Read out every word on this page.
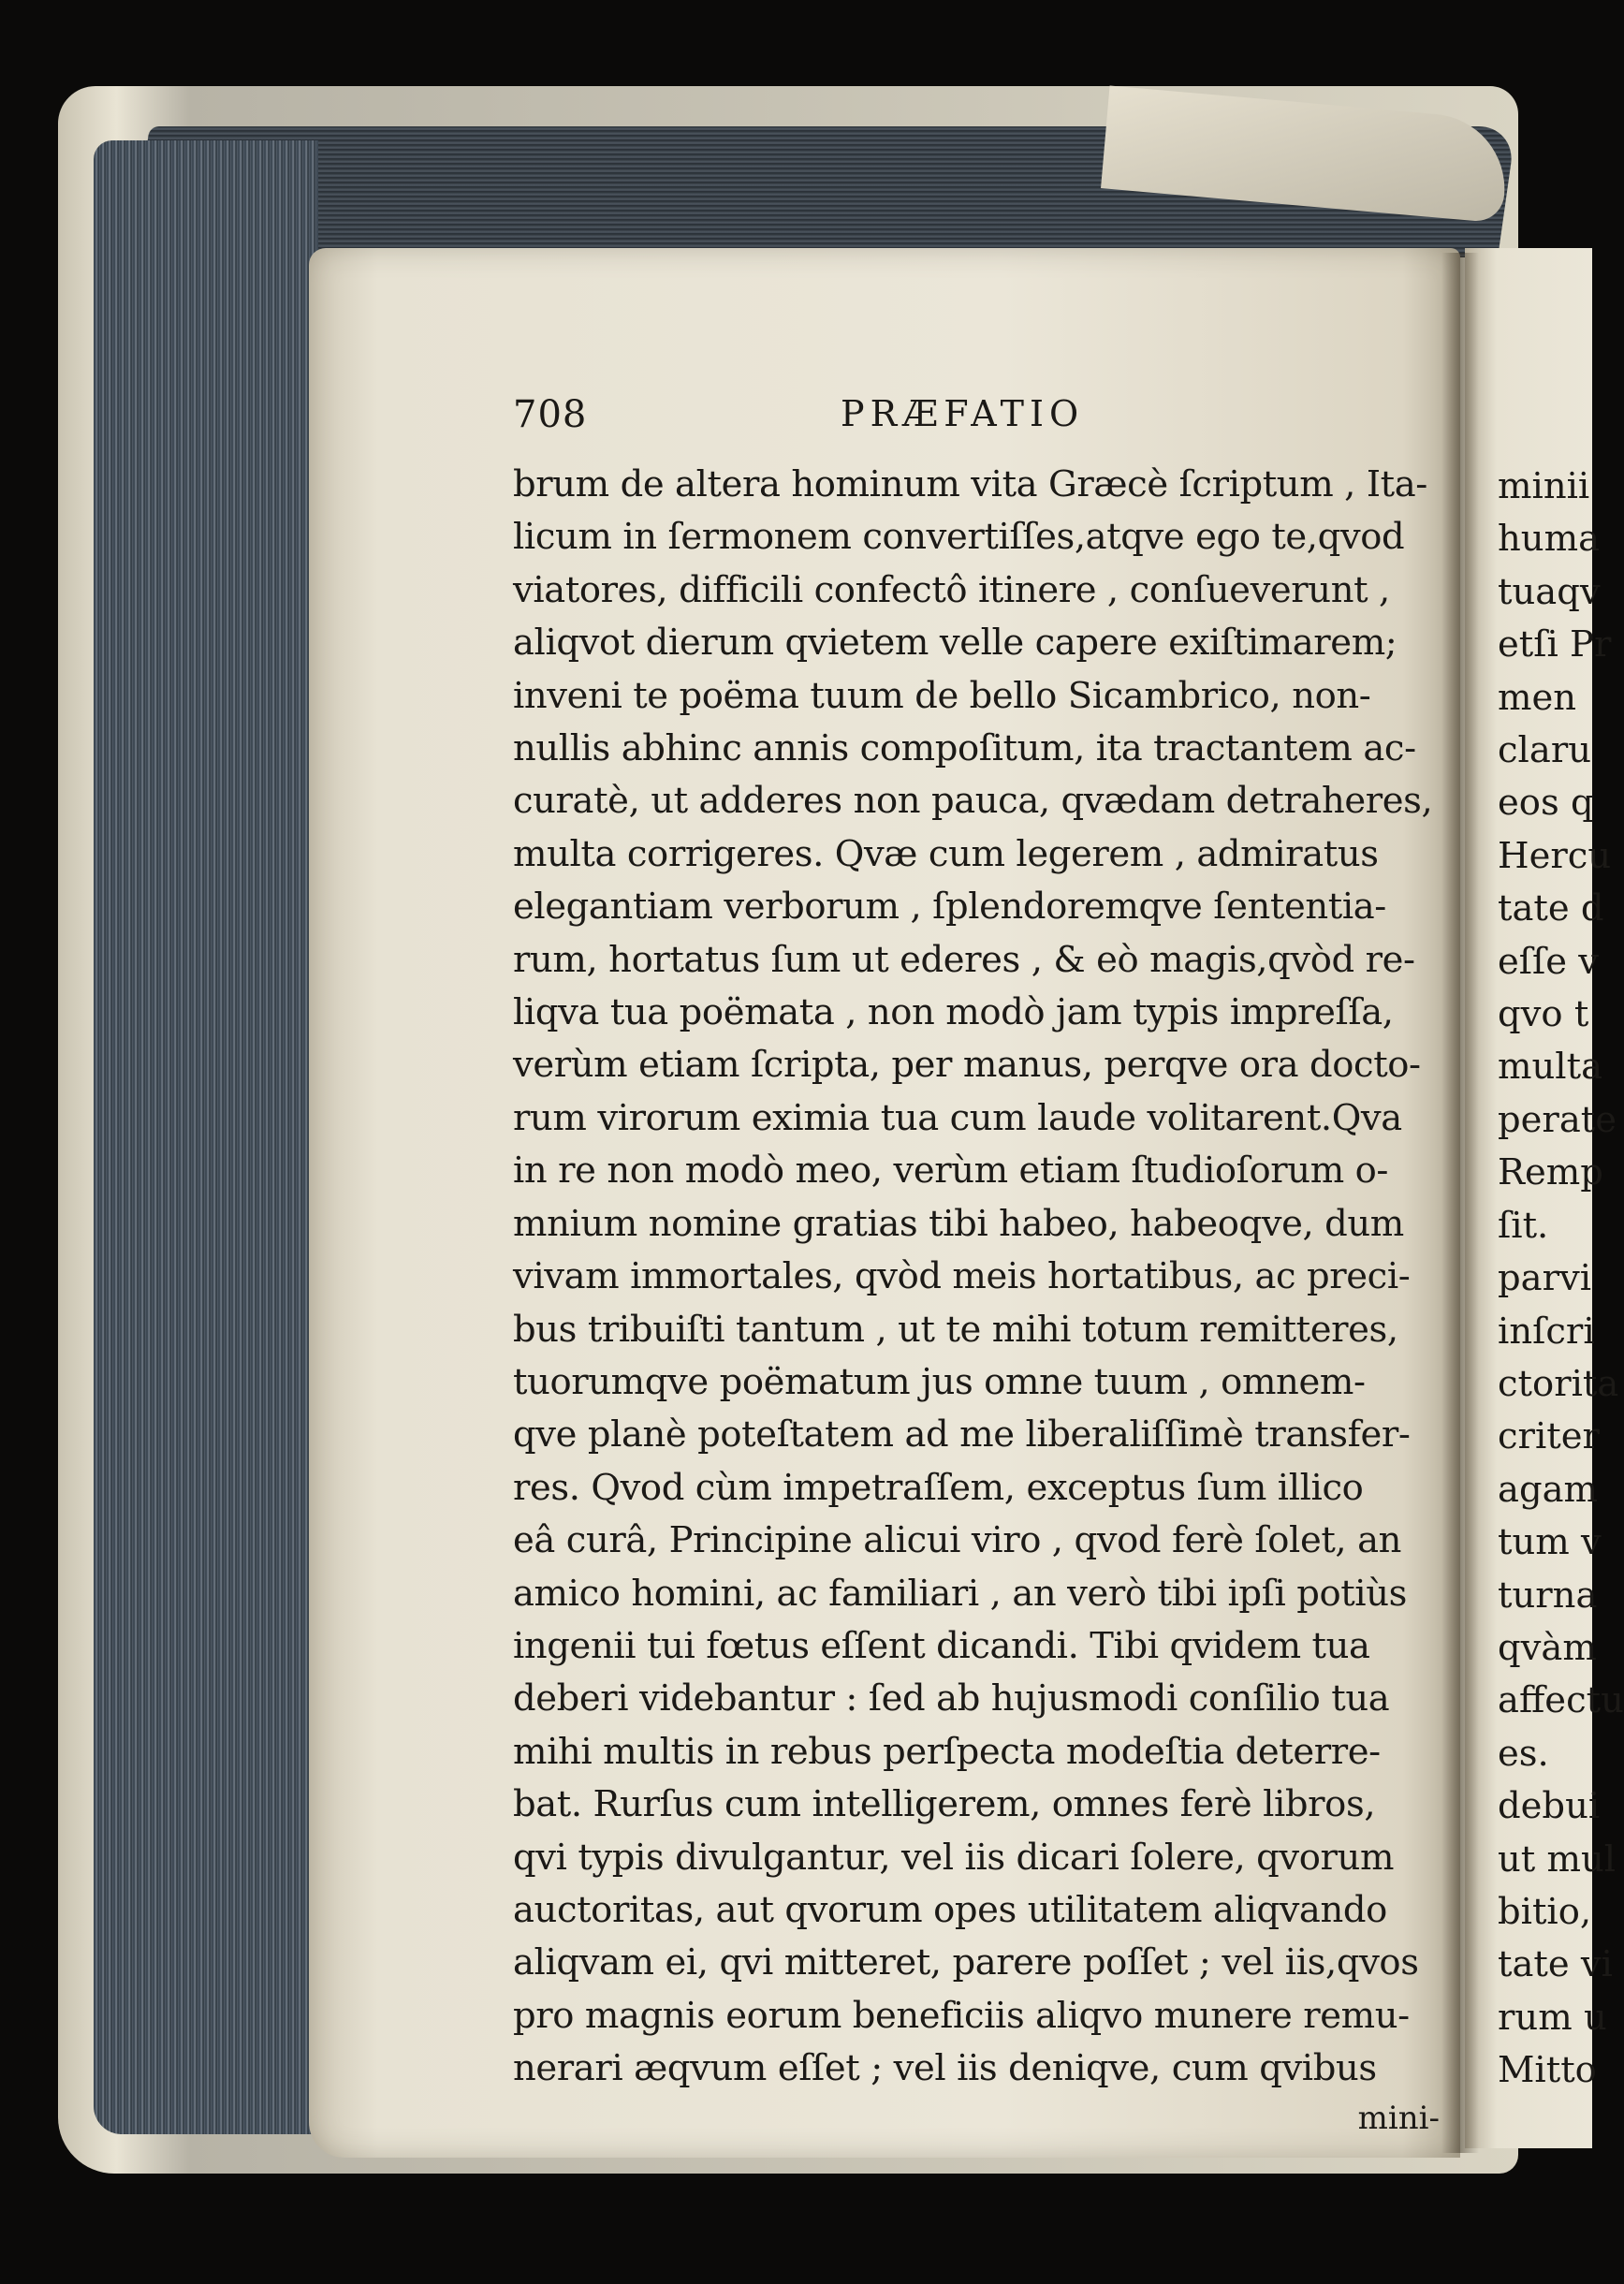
708	PRÆFATIO
brum de altera hominum vita Græcè ſcriptum , Ita-
licum in ſermonem convertiſſes,atqve ego te,qvod
viatores, difficili confectô itinere , conſueverunt ,
aliqvot dierum qvietem velle capere exiſtimarem;
inveni te poëma tuum de bello Sicambrico, non-
nullis abhinc annis compoſitum, ita tractantem ac-
curatè, ut adderes non pauca, qvædam detraheres,
multa corrigeres. Qvæ cum legerem , admiratus
elegantiam verborum , ſplendoremqve ſententia-
rum, hortatus ſum ut ederes , & eò magis,qvòd re-
liqva tua poëmata , non modò jam typis impreſſa,
verùm etiam ſcripta, per manus, perqve ora docto-
rum virorum eximia tua cum laude volitarent.Qva
in re non modò meo, verùm etiam ſtudioſorum o-
mnium nomine gratias tibi habeo, habeoqve, dum
vivam immortales, qvòd meis hortatibus, ac preci-
bus tribuiſti tantum , ut te mihi totum remitteres,
tuorumqve poëmatum jus omne tuum , omnem-
qve planè poteſtatem ad me liberaliſſimè transfer-
res. Qvod cùm impetraſſem, exceptus ſum illico
eâ curâ, Principine alicui viro , qvod ferè ſolet, an
amico homini, ac familiari , an verò tibi ipſi potiùs
ingenii tui fœtus eſſent dicandi. Tibi qvidem tua
deberi videbantur : ſed ab hujusmodi conſilio tua
mihi multis in rebus perſpecta modeſtia deterre-
bat. Rurſus cum intelligerem, omnes ferè libros,
qvi typis divulgantur, vel iis dicari ſolere, qvorum
auctoritas, aut qvorum opes utilitatem aliqvando
aliqvam ei, qvi mitteret, parere poſſet ; vel iis,qvos
pro magnis eorum beneficiis aliqvo munere remu-
nerari æqvum eſſet ; vel iis deniqve, cum qvibus
mini-
minii
huma
tuaqv
etſi Pr
men
claru
eos q
Hercu
tate d
eſſe v
qvo t
multa
perate
Remp
ſit.
parvi
inſcri
ctorita
criter
agam
tum v
turna
qvàm
affectu
es.
debui
ut mul
bitio,
tate vi
rum u
Mitto
